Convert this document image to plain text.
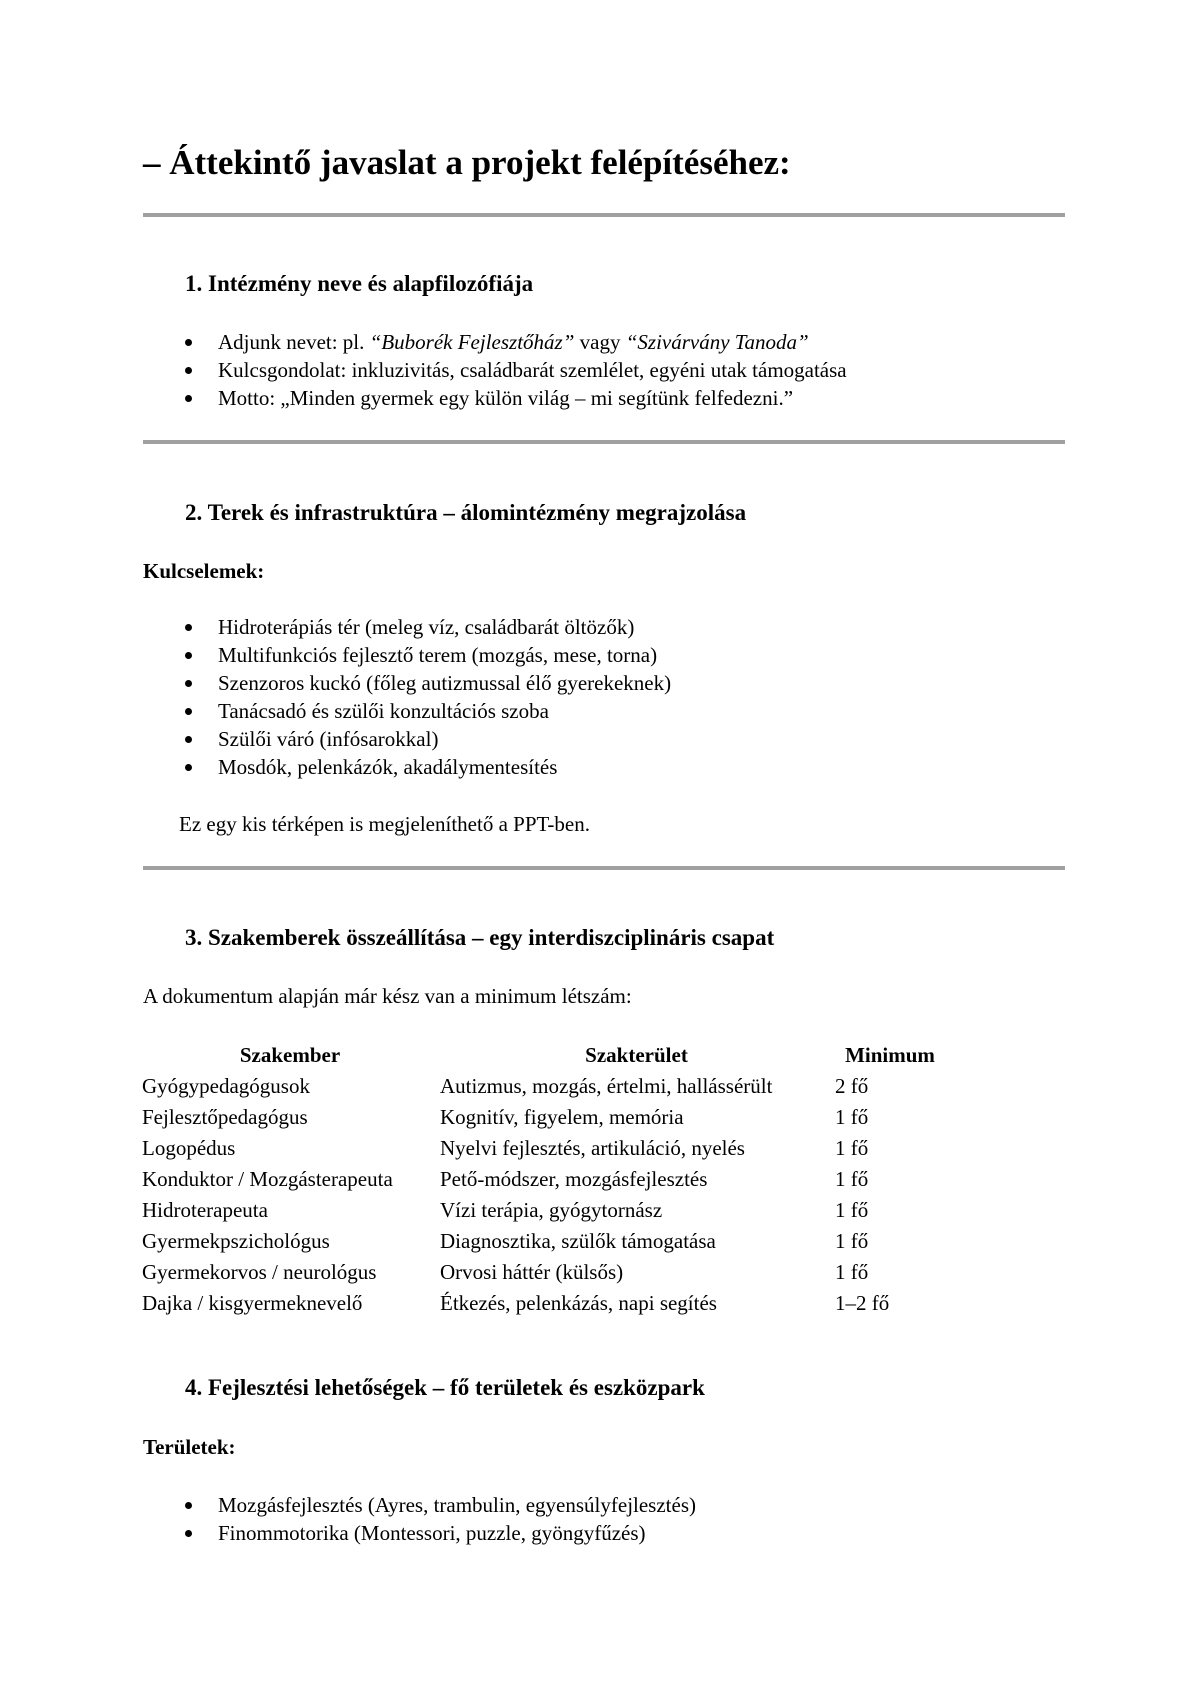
– Áttekintő javaslat a projekt felépítéséhez:
1. Intézmény neve és alapfilozófiája
Adjunk nevet: pl. “Buborék Fejlesztőház” vagy “Szivárvány Tanoda”
Kulcsgondolat: inkluzivitás, családbarát szemlélet, egyéni utak támogatása
Motto: „Minden gyermek egy külön világ – mi segítünk felfedezni.”
2. Terek és infrastruktúra – álomintézmény megrajzolása
Kulcselemek:
Hidroterápiás tér (meleg víz, családbarát öltözők)
Multifunkciós fejlesztő terem (mozgás, mese, torna)
Szenzoros kuckó (főleg autizmussal élő gyerekeknek)
Tanácsadó és szülői konzultációs szoba
Szülői váró (infósarokkal)
Mosdók, pelenkázók, akadálymentesítés
Ez egy kis térképen is megjeleníthető a PPT-ben.
3. Szakemberek összeállítása – egy interdiszciplináris csapat
A dokumentum alapján már kész van a minimum létszám:
Szakember	Szakterület	Minimum
Gyógypedagógusok	Autizmus, mozgás, értelmi, hallássérült	2 fő
Fejlesztőpedagógus	Kognitív, figyelem, memória	1 fő
Logopédus	Nyelvi fejlesztés, artikuláció, nyelés	1 fő
Konduktor / Mozgásterapeuta	Pető-módszer, mozgásfejlesztés	1 fő
Hidroterapeuta	Vízi terápia, gyógytornász	1 fő
Gyermekpszichológus	Diagnosztika, szülők támogatása	1 fő
Gyermekorvos / neurológus	Orvosi háttér (külsős)	1 fő
Dajka / kisgyermeknevelő	Étkezés, pelenkázás, napi segítés	1–2 fő
4. Fejlesztési lehetőségek – fő területek és eszközpark
Területek:
Mozgásfejlesztés (Ayres, trambulin, egyensúlyfejlesztés)
Finommotorika (Montessori, puzzle, gyöngyfűzés)
